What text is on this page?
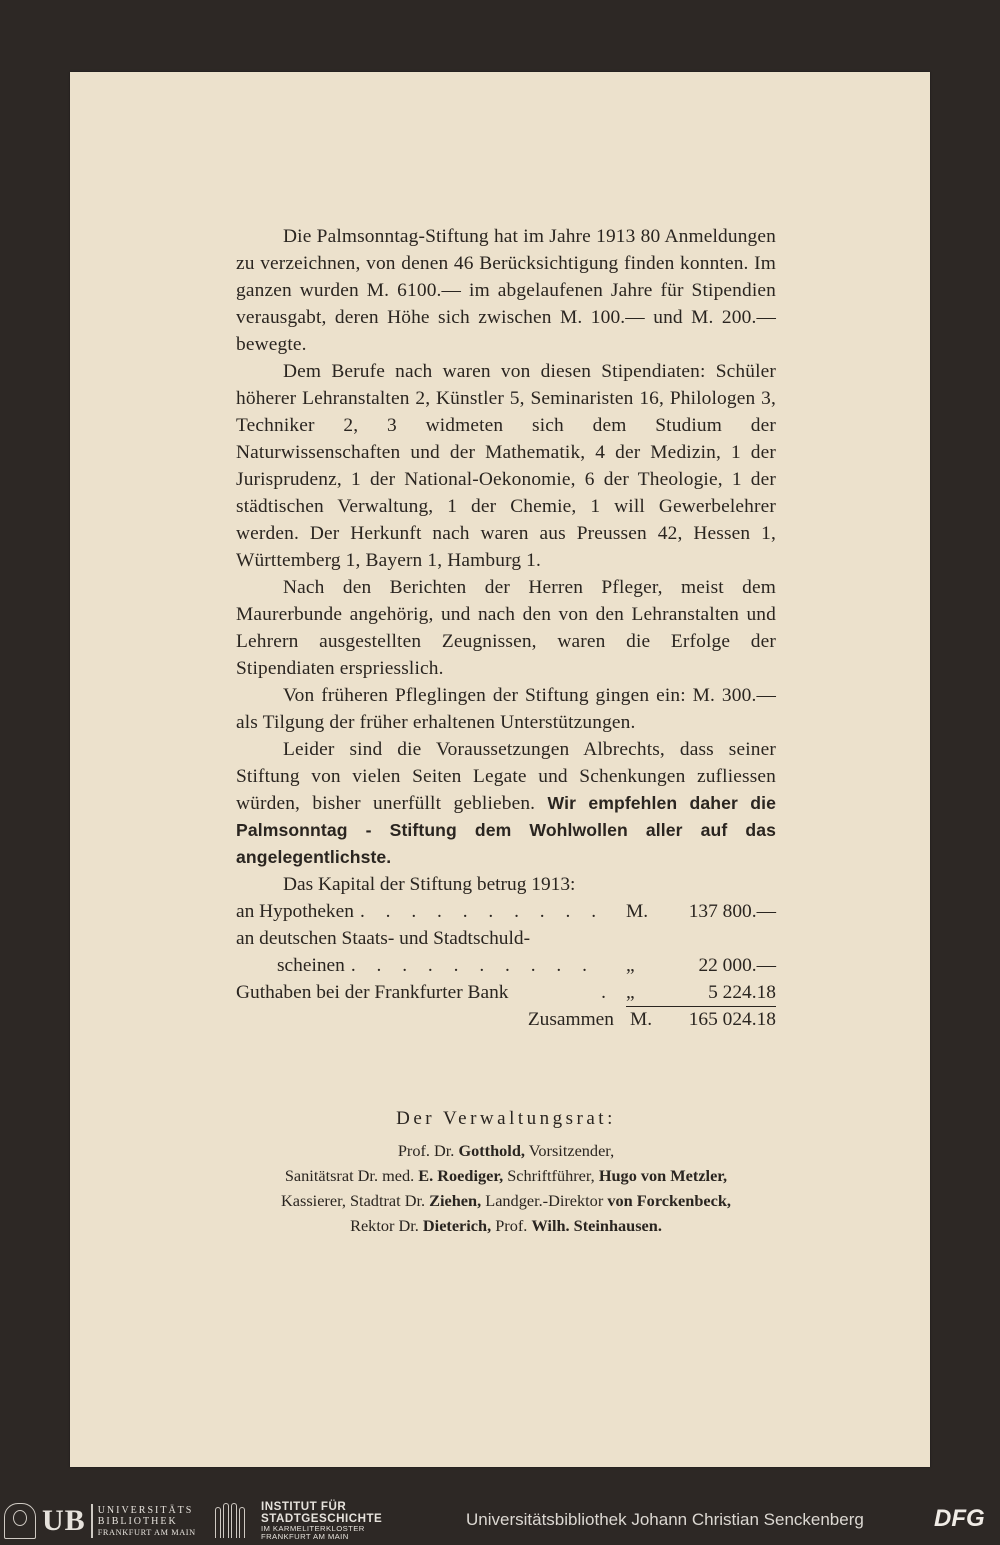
Die Palmsonntag-Stiftung hat im Jahre 1913 80 Anmeldungen zu verzeichnen, von denen 46 Berücksichtigung finden konnten. Im ganzen wurden M. 6100.— im abgelaufenen Jahre für Stipendien verausgabt, deren Höhe sich zwischen M. 100.— und M. 200.— bewegte.

Dem Berufe nach waren von diesen Stipendiaten: Schüler höherer Lehranstalten 2, Künstler 5, Seminaristen 16, Philologen 3, Techniker 2, 3 widmeten sich dem Studium der Naturwissenschaften und der Mathematik, 4 der Medizin, 1 der Jurisprudenz, 1 der National-Oekonomie, 6 der Theologie, 1 der städtischen Verwaltung, 1 der Chemie, 1 will Gewerbelehrer werden. Der Herkunft nach waren aus Preussen 42, Hessen 1, Württemberg 1, Bayern 1, Hamburg 1.

Nach den Berichten der Herren Pfleger, meist dem Maurerbunde angehörig, und nach den von den Lehranstalten und Lehrern ausgestellten Zeugnissen, waren die Erfolge der Stipendiaten erspriesslich.

Von früheren Pfleglingen der Stiftung gingen ein: M. 300.— als Tilgung der früher erhaltenen Unterstützungen.

Leider sind die Voraussetzungen Albrechts, dass seiner Stiftung von vielen Seiten Legate und Schenkungen zufliessen würden, bisher unerfüllt geblieben. Wir empfehlen daher die Palmsonntag - Stiftung dem Wohlwollen aller auf das angelegentlichste.

Das Kapital der Stiftung betrug 1913:

an Hypotheken . . . . . . . . . .	M.	137 800.—
an deutschen Staats- und Stadtschuld-
scheinen . . . . . . . . . .	„	22 000.—
Guthaben bei der Frankfurter Bank	. „	5 224.18
Zusammen M.	165 024.18
Der Verwaltungsrat:
Prof. Dr. Gotthold, Vorsitzender,
Sanitätsrat Dr. med. E. Roediger, Schriftführer, Hugo von Metzler,
Kassierer, Stadtrat Dr. Ziehen, Landger.-Direktor von Forckenbeck,
Rektor Dr. Dieterich, Prof. Wilh. Steinhausen.
UB UNIVERSITÄTS
BIBLIOTHEK
FRANKFURT AM MAIN
INSTITUT FÜR
STADTGESCHICHTE
IM KARMELITERKLOSTER
FRANKFURT AM MAIN
Universitätsbibliothek Johann Christian Senckenberg	DFG
